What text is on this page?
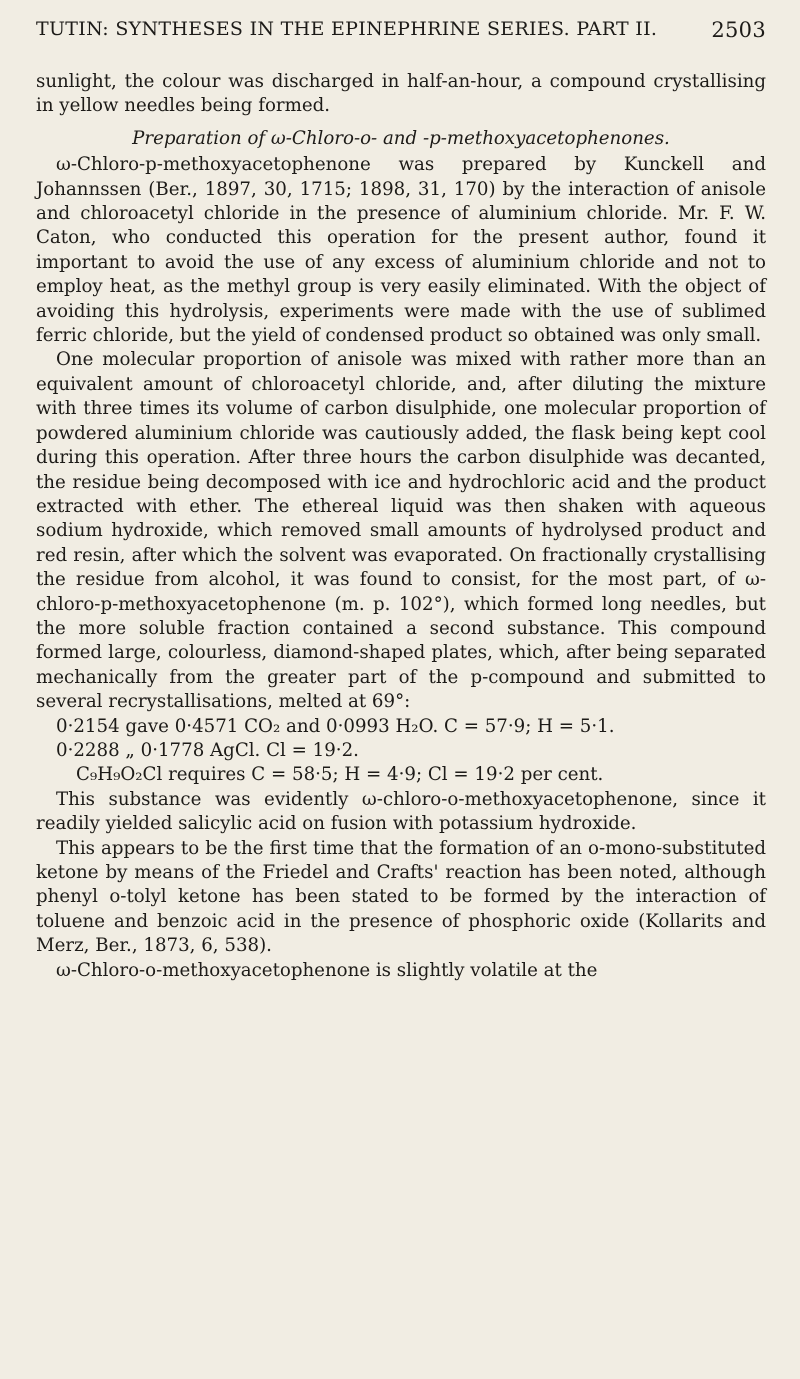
TUTIN: SYNTHESES IN THE EPINEPHRINE SERIES. PART II.	2503

sunlight, the colour was discharged in half-an-hour, a compound crystallising in yellow needles being formed.

Preparation of ω-Chloro-o- and -p-methoxyacetophenones.

ω-Chloro-p-methoxyacetophenone was prepared by Kunckell and Johannssen (Ber., 1897, 30, 1715; 1898, 31, 170) by the interaction of anisole and chloroacetyl chloride in the presence of aluminium chloride. Mr. F. W. Caton, who conducted this operation for the present author, found it important to avoid the use of any excess of aluminium chloride and not to employ heat, as the methyl group is very easily eliminated. With the object of avoiding this hydrolysis, experiments were made with the use of sublimed ferric chloride, but the yield of condensed product so obtained was only small.

One molecular proportion of anisole was mixed with rather more than an equivalent amount of chloroacetyl chloride, and, after diluting the mixture with three times its volume of carbon disulphide, one molecular proportion of powdered aluminium chloride was cautiously added, the flask being kept cool during this operation. After three hours the carbon disulphide was decanted, the residue being decomposed with ice and hydrochloric acid and the product extracted with ether. The ethereal liquid was then shaken with aqueous sodium hydroxide, which removed small amounts of hydrolysed product and red resin, after which the solvent was evaporated. On fractionally crystallising the residue from alcohol, it was found to consist, for the most part, of ω-chloro-p-methoxyacetophenone (m. p. 102°), which formed long needles, but the more soluble fraction contained a second substance. This compound formed large, colourless, diamond-shaped plates, which, after being separated mechanically from the greater part of the p-compound and submitted to several recrystallisations, melted at 69°:

0·2154 gave 0·4571 CO₂ and 0·0993 H₂O. C = 57·9; H = 5·1.

0·2288 „ 0·1778 AgCl. Cl = 19·2.

C₉H₉O₂Cl requires C = 58·5; H = 4·9; Cl = 19·2 per cent.

This substance was evidently ω-chloro-o-methoxyacetophenone, since it readily yielded salicylic acid on fusion with potassium hydroxide.

This appears to be the first time that the formation of an o-mono-substituted ketone by means of the Friedel and Crafts' reaction has been noted, although phenyl o-tolyl ketone has been stated to be formed by the interaction of toluene and benzoic acid in the presence of phosphoric oxide (Kollarits and Merz, Ber., 1873, 6, 538).

ω-Chloro-o-methoxyacetophenone is slightly volatile at the
